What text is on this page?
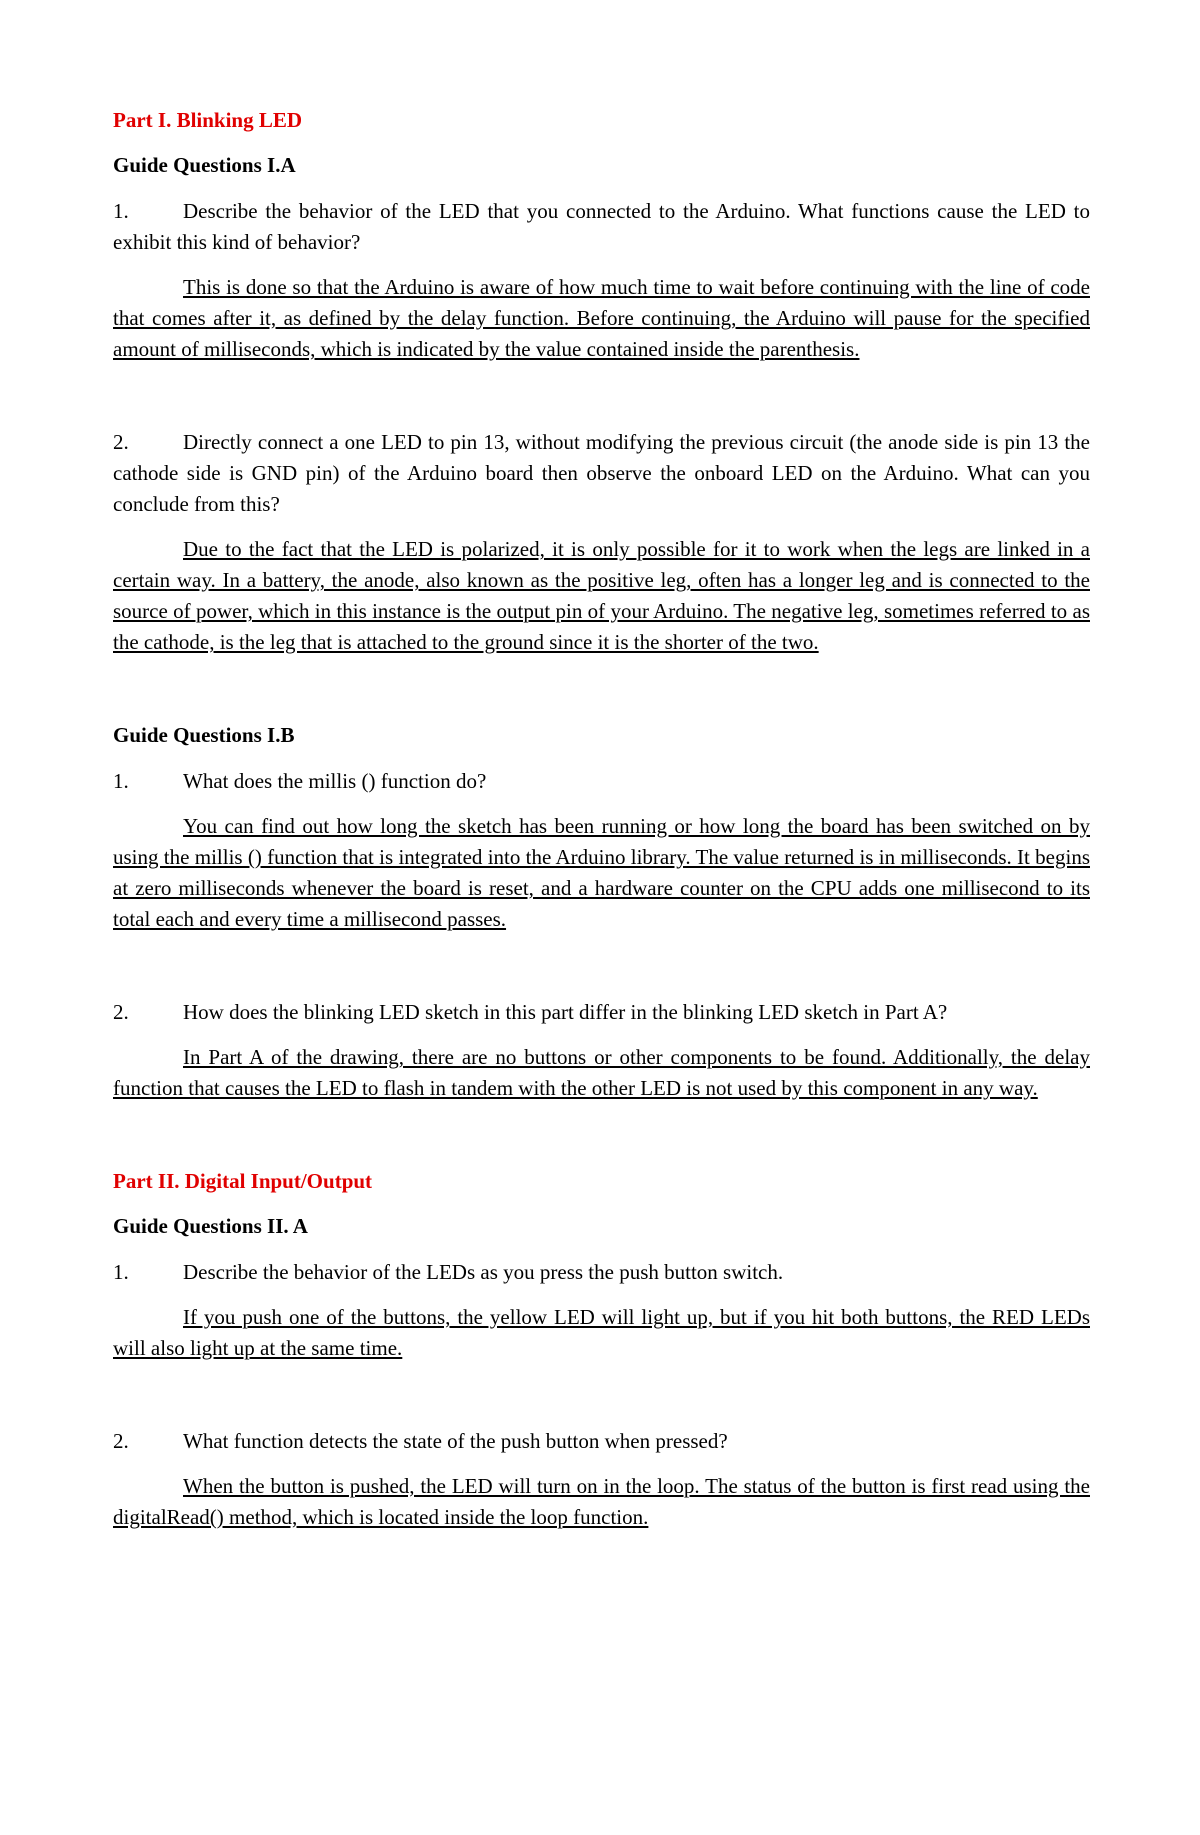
Part I. Blinking LED
Guide Questions I.A
1.	Describe the behavior of the LED that you connected to the Arduino. What functions cause the LED to exhibit this kind of behavior?

This is done so that the Arduino is aware of how much time to wait before continuing with the line of code that comes after it, as defined by the delay function. Before continuing, the Arduino will pause for the specified amount of milliseconds, which is indicated by the value contained inside the parenthesis.

2.	Directly connect a one LED to pin 13, without modifying the previous circuit (the anode side is pin 13 the cathode side is GND pin) of the Arduino board then observe the onboard LED on the Arduino. What can you conclude from this?

Due to the fact that the LED is polarized, it is only possible for it to work when the legs are linked in a certain way. In a battery, the anode, also known as the positive leg, often has a longer leg and is connected to the source of power, which in this instance is the output pin of your Arduino. The negative leg, sometimes referred to as the cathode, is the leg that is attached to the ground since it is the shorter of the two.

Guide Questions I.B
1.	What does the millis () function do?

You can find out how long the sketch has been running or how long the board has been switched on by using the millis () function that is integrated into the Arduino library. The value returned is in milliseconds. It begins at zero milliseconds whenever the board is reset, and a hardware counter on the CPU adds one millisecond to its total each and every time a millisecond passes.

2.	How does the blinking LED sketch in this part differ in the blinking LED sketch in Part A?

In Part A of the drawing, there are no buttons or other components to be found. Additionally, the delay function that causes the LED to flash in tandem with the other LED is not used by this component in any way.

Part II. Digital Input/Output
Guide Questions II. A
1.	Describe the behavior of the LEDs as you press the push button switch.

If you push one of the buttons, the yellow LED will light up, but if you hit both buttons, the RED LEDs will also light up at the same time.

2.	What function detects the state of the push button when pressed?

When the button is pushed, the LED will turn on in the loop. The status of the button is first read using the digitalRead() method, which is located inside the loop function.
